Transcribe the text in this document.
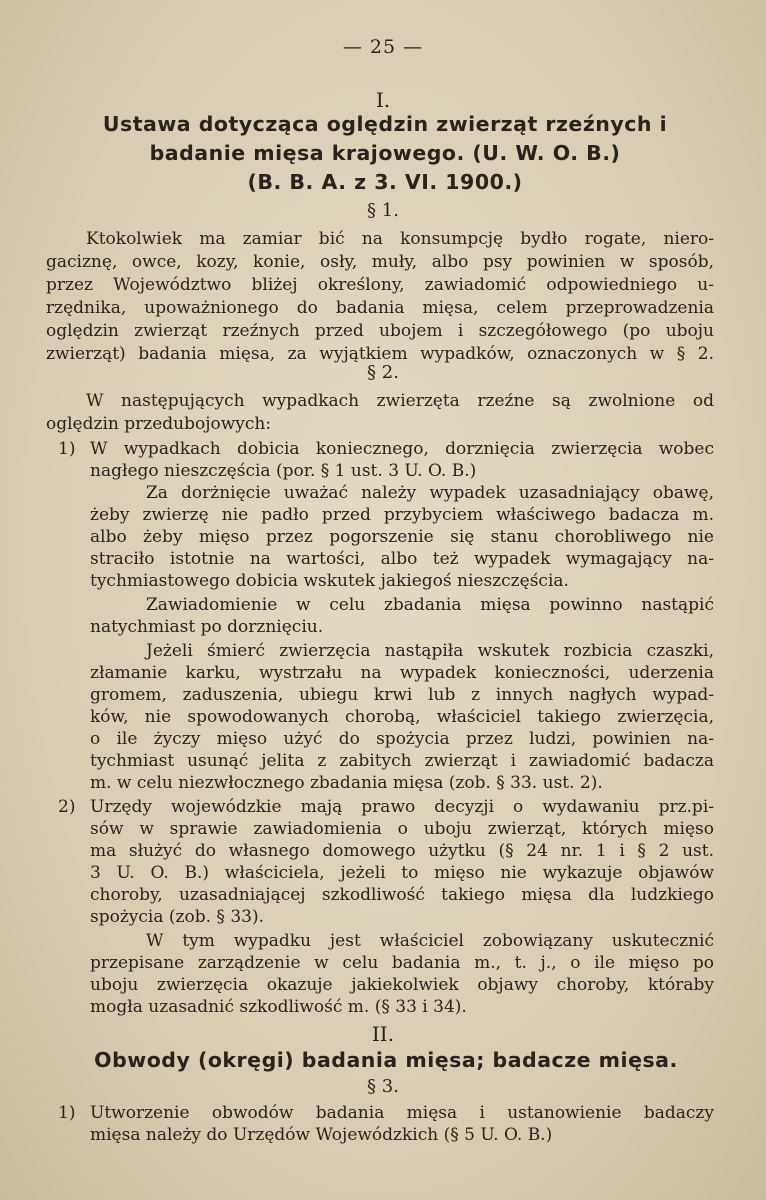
— 25 —
I.
Ustawa dotycząca oględzin zwierząt rzeźnych i
badanie mięsa krajowego. (U. W. O. B.)
(B. B. A. z 3. VI. 1900.)
§ 1.
Ktokolwiek ma zamiar bić na konsumpcję bydło rogate, niero-
gaciznę, owce, kozy, konie, osły, muły, albo psy powinien w sposób,
przez Województwo bliżej określony, zawiadomić odpowiedniego u-
rzędnika, upoważnionego do badania mięsa, celem przeprowadzenia
oględzin zwierząt rzeźnych przed ubojem i szczegółowego (po uboju
zwierząt) badania mięsa, za wyjątkiem wypadków, oznaczonych w § 2.
§ 2.
W następujących wypadkach zwierzęta rzeźne są zwolnione od
oględzin przedubojowych:
1) W wypadkach dobicia koniecznego, dorznięcia zwierzęcia wobec
nagłego nieszczęścia (por. § 1 ust. 3 U. O. B.)
Za dorżnięcie uważać należy wypadek uzasadniający obawę,
żeby zwierzę nie padło przed przybyciem właściwego badacza m.
albo żeby mięso przez pogorszenie się stanu chorobliwego nie
straciło istotnie na wartości, albo też wypadek wymagający na-
tychmiastowego dobicia wskutek jakiegoś nieszczęścia.
Zawiadomienie w celu zbadania mięsa powinno nastąpić
natychmiast po dorznięciu.
Jeżeli śmierć zwierzęcia nastąpiła wskutek rozbicia czaszki,
złamanie karku, wystrzału na wypadek konieczności, uderzenia
gromem, zaduszenia, ubiegu krwi lub z innych nagłych wypad-
ków, nie spowodowanych chorobą, właściciel takiego zwierzęcia,
o ile życzy mięso użyć do spożycia przez ludzi, powinien na-
tychmiast usunąć jelita z zabitych zwierząt i zawiadomić badacza
m. w celu niezwłocznego zbadania mięsa (zob. § 33. ust. 2).
2) Urzędy wojewódzkie mają prawo decyzji o wydawaniu prz.pi-
sów w sprawie zawiadomienia o uboju zwierząt, których mięso
ma służyć do własnego domowego użytku (§ 24 nr. 1 i § 2 ust.
3 U. O. B.) właściciela, jeżeli to mięso nie wykazuje objawów
choroby, uzasadniającej szkodliwość takiego mięsa dla ludzkiego
spożycia (zob. § 33).
W tym wypadku jest właściciel zobowiązany uskutecznić
przepisane zarządzenie w celu badania m., t. j., o ile mięso po
uboju zwierzęcia okazuje jakiekolwiek objawy choroby, któraby
mogła uzasadnić szkodliwość m. (§ 33 i 34).
II.
Obwody (okręgi) badania mięsa; badacze mięsa.
§ 3.
1) Utworzenie obwodów badania mięsa i ustanowienie badaczy
mięsa należy do Urzędów Wojewódzkich (§ 5 U. O. B.)
